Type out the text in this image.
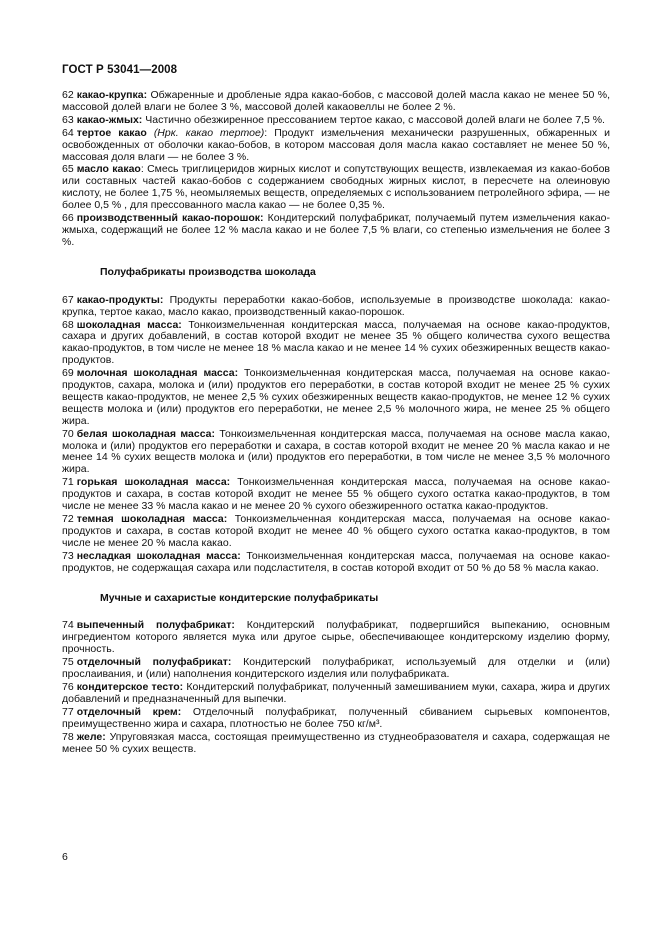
ГОСТ Р 53041—2008
62 какао-крупка: Обжаренные и дробленые ядра какао-бобов, с массовой долей масла какао не менее 50 %, массовой долей влаги не более 3 %, массовой долей какаовеллы не более 2 %.
63 какао-жмых: Частично обезжиренное прессованием тертое какао, с массовой долей влаги не более 7,5 %.
64 тертое какао (Нрк. какао тертое): Продукт измельчения механически разрушенных, обжаренных и освобожденных от оболочки какао-бобов, в котором массовая доля масла какао составляет не менее 50 %, массовая доля влаги — не более 3 %.
65 масло какао: Смесь триглицеридов жирных кислот и сопутствующих веществ, извлекаемая из какао-бобов или составных частей какао-бобов с содержанием свободных жирных кислот, в пересчете на олеиновую кислоту, не более 1,75 %, неомыляемых веществ, определяемых с использованием петролейного эфира, — не более 0,5 % , для прессованного масла какао — не более 0,35 %.
66 производственный какао-порошок: Кондитерский полуфабрикат, получаемый путем измельчения какао-жмыха, содержащий не более 12 % масла какао и не более 7,5 % влаги, со степенью измельчения не более 3 %.
Полуфабрикаты производства шоколада
67 какао-продукты: Продукты переработки какао-бобов, используемые в производстве шоколада: какао-крупка, тертое какао, масло какао, производственный какао-порошок.
68 шоколадная масса: Тонкоизмельченная кондитерская масса, получаемая на основе какао-продуктов, сахара и других добавлений, в состав которой входит не менее 35 % общего количества сухого вещества какао-продуктов, в том числе не менее 18 % масла какао и не менее 14 % сухих обезжиренных веществ какао-продуктов.
69 молочная шоколадная масса: Тонкоизмельченная кондитерская масса, получаемая на основе какао-продуктов, сахара, молока и (или) продуктов его переработки, в состав которой входит не менее 25 % сухих веществ какао-продуктов, не менее 2,5 % сухих обезжиренных веществ какао-продуктов, не менее 12 % сухих веществ молока и (или) продуктов его переработки, не менее 2,5 % молочного жира, не менее 25 % общего жира.
70 белая шоколадная масса: Тонкоизмельченная кондитерская масса, получаемая на основе масла какао, молока и (или) продуктов его переработки и сахара, в состав которой входит не менее 20 % масла какао и не менее 14 % сухих веществ молока и (или) продуктов его переработки, в том числе не менее 3,5 % молочного жира.
71 горькая шоколадная масса: Тонкоизмельченная кондитерская масса, получаемая на основе какао-продуктов и сахара, в состав которой входит не менее 55 % общего сухого остатка какао-продуктов, в том числе не менее 33 % масла какао и не менее 20 % сухого обезжиренного остатка какао-продуктов.
72 темная шоколадная масса: Тонкоизмельченная кондитерская масса, получаемая на основе какао-продуктов и сахара, в состав которой входит не менее 40 % общего сухого остатка какао-продуктов, в том числе не менее 20 % масла какао.
73 несладкая шоколадная масса: Тонкоизмельченная кондитерская масса, получаемая на основе какао-продуктов, не содержащая сахара или подсластителя, в состав которой входит от 50 % до 58 % масла какао.
Мучные и сахаристые кондитерские полуфабрикаты
74 выпеченный полуфабрикат: Кондитерский полуфабрикат, подвергшийся выпеканию, основным ингредиентом которого является мука или другое сырье, обеспечивающее кондитерскому изделию форму, прочность.
75 отделочный полуфабрикат: Кондитерский полуфабрикат, используемый для отделки и (или) прослаивания, и (или) наполнения кондитерского изделия или полуфабриката.
76 кондитерское тесто: Кондитерский полуфабрикат, полученный замешиванием муки, сахара, жира и других добавлений и предназначенный для выпечки.
77 отделочный крем: Отделочный полуфабрикат, полученный сбиванием сырьевых компонентов, преимущественно жира и сахара, плотностью не более 750 кг/м³.
78 желе: Упруговязкая масса, состоящая преимущественно из студнеобразователя и сахара, содержащая не менее 50 % сухих веществ.
6
